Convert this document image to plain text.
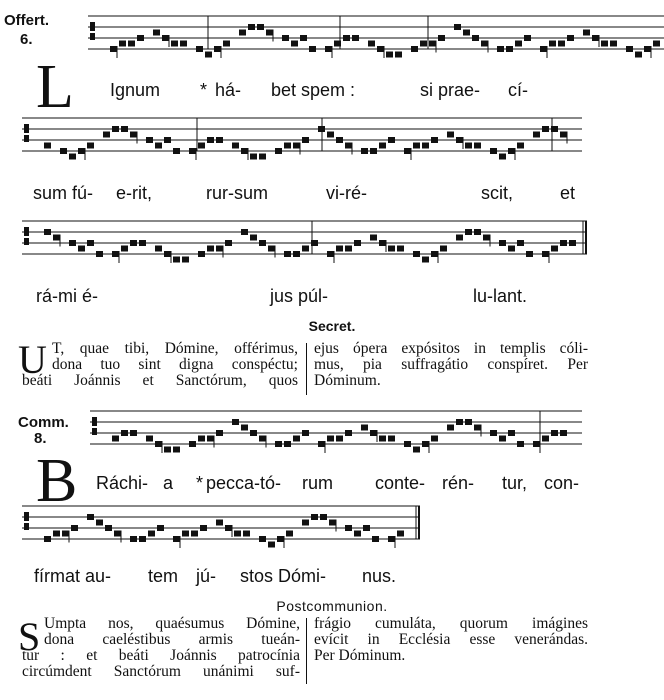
Offert.
6.
L Ignum * há- bet spem :	si prae- cí-
sum fú- e-rit,	rur-sum	vi-ré-	scit,	et
rá-mi é-	jus púl-	lu-lant.
Secret.
U T, quae tibi, Dómine, offérimus,
dona tuo sint digna conspéctu;
beáti Joánnis et Sanctórum, quos
ejus ópera expósitos in templis cóli-
mus, pia suffragátio conspíret. Per
Dóminum.
Comm.
8.
B Ráchi- a * pecca-tó- rum conte- rén- tur, con-
fírmat au- tem jú- stos Dómi- nus.
Postcommunion.
S Umpta nos, quaésumus Dómine,
dona caeléstibus armis tueán-
tur : et beáti Joánnis patrocínia
circúmdent Sanctórum unánimi suf-
frágio cumuláta, quorum imágines
evícit in Ecclésia esse venerándas.
Per Dóminum.
